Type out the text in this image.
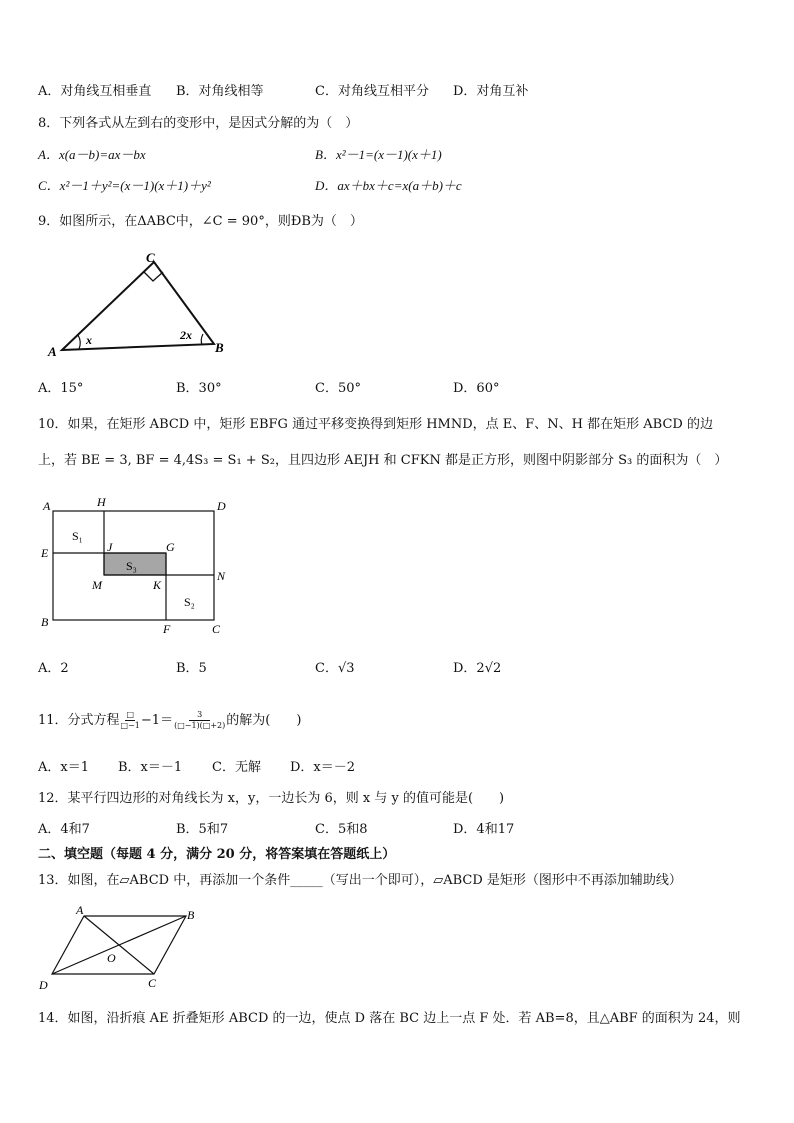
A．对角线互相垂直 B．对角线相等	C．对角线互相平分 D．对角互补
8．下列各式从左到右的变形中，是因式分解的为（　）
A．x(a－b)=ax－bx	B．x²－1=(x－1)(x＋1)
C．x²－1＋y²=(x－1)(x＋1)＋y²	D．ax＋bx＋c=x(a＋b)＋c
9．如图所示，在ΔABC中，∠C = 90°，则ÐB为（　）
A
C
B
x	2x
A．15°	B．30°	C．50°	D．60°
10．如果，在矩形 ABCD 中，矩形 EBFG 通过平移变换得到矩形 HMND，点 E、F、N、H 都在矩形 ABCD 的边
上，若 BE = 3, BF = 4,4S₃ = S₁ + S₂，且四边形 AEJH 和 CFKN 都是正方形，则图中阴影部分 S₃ 的面积为（　）
A	H	D
E	J	G
N
M	K
B	F	C
S₁
S₃
S₂
A．2	B．5	C．√3	D．2√2
11．分式方程 □
□−1 $-1= \frac{3}{(□-1)(□+2)}$ 的解为(　　)
A．x＝1 B．x＝－1 C．无解 D．x＝－2
12．某平行四边形的对角线长为 x，y，一边长为 6，则 x 与 y 的值可能是(　　)
A．4和7	B．5和7	C．5和8	D．4和17
二、填空题（每题 4 分，满分 20 分，将答案填在答题纸上）
13．如图，在▱ABCD 中，再添加一个条件_____（写出一个即可），▱ABCD 是矩形（图形中不再添加辅助线）
A	B
C
D
O
14．如图，沿折痕 AE 折叠矩形 ABCD 的一边，使点 D 落在 BC 边上一点 F 处．若 AB=8，且△ABF 的面积为 24，则
